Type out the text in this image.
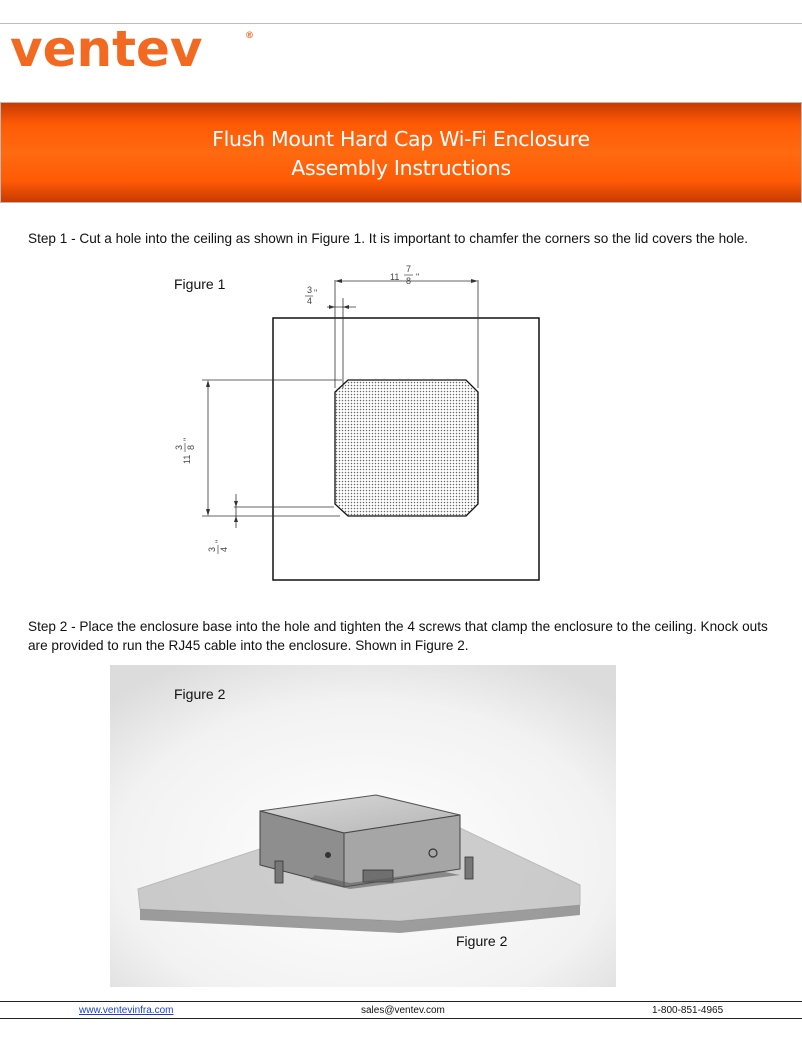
ventev	®
Flush Mount Hard Cap Wi-Fi Enclosure
Assembly Instructions
Step 1 - Cut a hole into the ceiling as shown in Figure 1. It is important to chamfer the corners so the lid covers the hole.
Figure 1	11
7
8 "
3
4
"
11
3 8
"
3 4
"
Step 2 - Place the enclosure base into the hole and tighten the 4 screws that clamp the enclosure to the ceiling. Knock outs are provided to run the RJ45 cable into the enclosure. Shown in Figure 2.
Figure 2
Figure 2
www.ventevinfra.com	sales@ventev.com	1-800-851-4965
